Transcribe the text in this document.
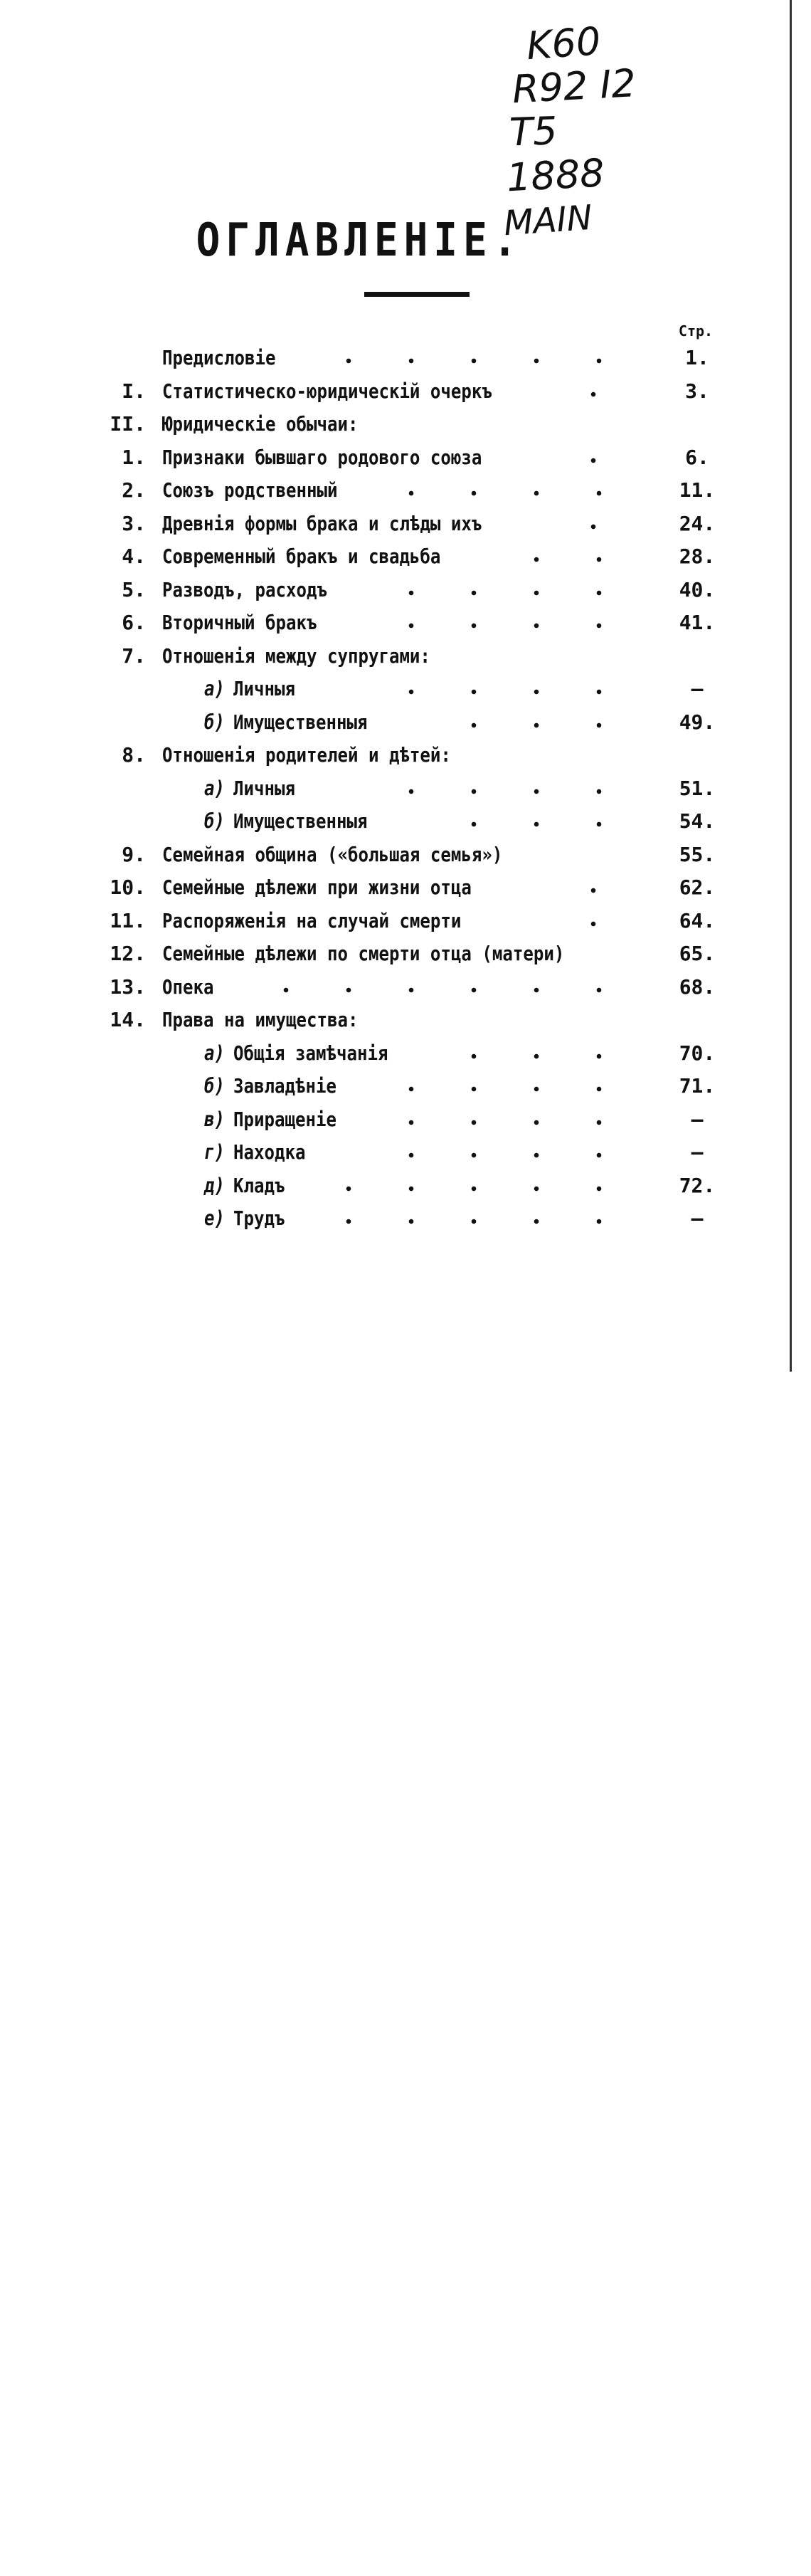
K60
R92 I2
T5
1888
MAIN
ОГЛАВЛЕНІЕ.
Стр.
Предисловіе	1.
I. Статистическо-юридическій очеркъ	3.
II. Юридическіе обычаи:
1. Признаки бывшаго родового союза	6.
2. Союзъ родственный	11.
3. Древнія формы брака и слѣды ихъ	24.
4. Современный бракъ и свадьба	28.
5. Разводъ, расходъ	40.
6. Вторичный бракъ	41.
7. Отношенія между супругами:
а) Личныя	—
б) Имущественныя	49.
8. Отношенія родителей и дѣтей:
а) Личныя	51.
б) Имущественныя	54.
9. Семейная община («большая семья»)	55.
10. Семейные дѣлежи при жизни отца	62.
11. Распоряженія на случай смерти	64.
12. Семейные дѣлежи по смерти отца (матери)	65.
13. Опека	68.
14. Права на имущества:
а) Общія замѣчанія	70.
б) Завладѣніе	71.
в) Приращеніе	—
г) Находка	—
д) Кладъ	72.
е) Трудъ	—
